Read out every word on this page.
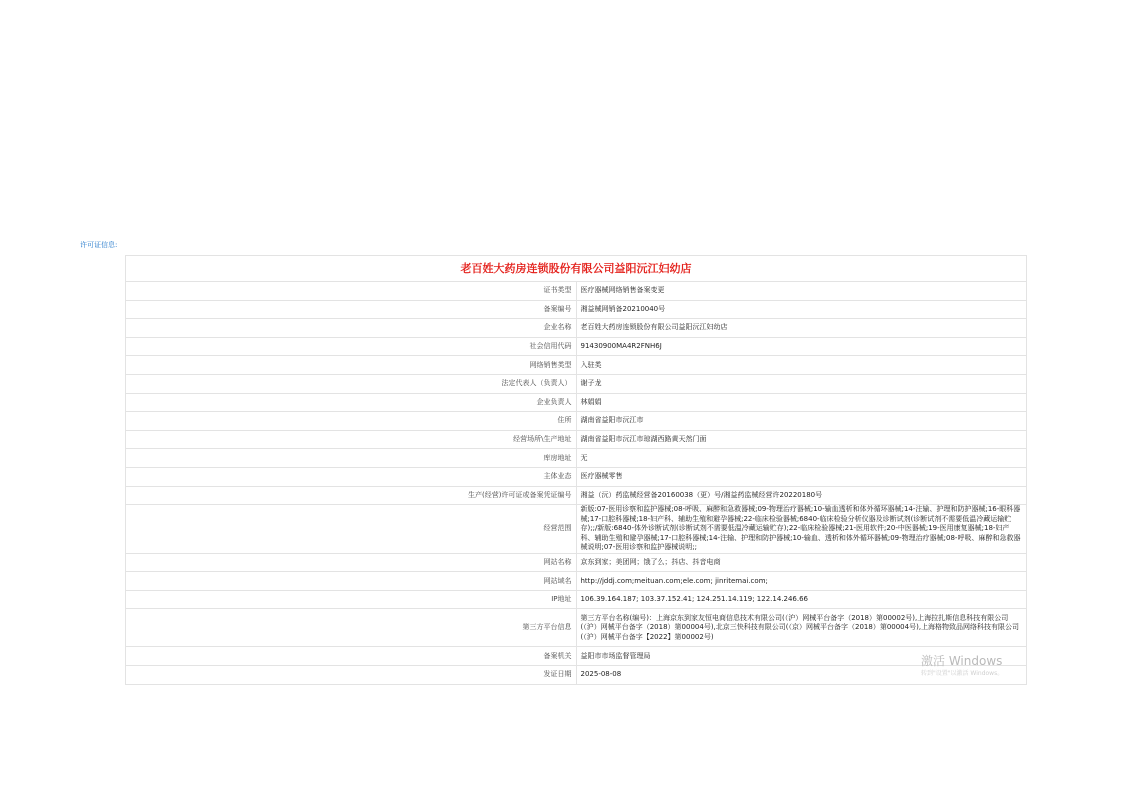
许可证信息:
老百姓大药房连锁股份有限公司益阳沅江妇幼店	
证书类型	医疗器械网络销售备案变更
备案编号	湘益械网销备20210040号
企业名称	老百姓大药房连锁股份有限公司益阳沅江妇幼店
社会信用代码	91430900MA4R2FNH6J
网络销售类型	入驻类
法定代表人（负责人）	谢子龙
企业负责人	林娟娟
住所	湖南省益阳市沅江市
经营场所\生产地址	湖南省益阳市沅江市琼湖西路黄天然门面
库房地址	无
主体业态	医疗器械零售
生产(经营)许可证或备案凭证编号	湘益（沅）药监械经营备20160038（更）号/湘益药监械经营许20220180号
经营范围	新版:07-医用诊察和监护器械;08-呼吸、麻醉和急救器械;09-物理治疗器械;10-输血透析和体外循环器械;14-注输、护理和防护器械;16-眼科器械;17-口腔科器械;18-妇产科、辅助生殖和避孕器械;22-临床检验器械;6840-临床检验分析仪器及诊断试剂(诊断试剂不需要低温冷藏运输贮存);;/新版:6840-体外诊断试剂(诊断试剂不需要低温冷藏运输贮存);22-临床检验器械;21-医用软件;20-中医器械;19-医用康复器械;18-妇产科、辅助生殖和避孕器械;17-口腔科器械;14-注输、护理和防护器械;10-输血、透析和体外循环器械;09-物理治疗器械;08-呼吸、麻醉和急救器械说明;07-医用诊察和监护器械说明;;
网站名称	京东到家；美团网；饿了么；抖店、抖音电商
网站域名	http://jddj.com;meituan.com;ele.com; jinritemai.com;
IP地址	106.39.164.187; 103.37.152.41; 124.251.14.119; 122.14.246.66
第三方平台信息	第三方平台名称(编号)：上海京东到家友恒电商信息技术有限公司(（沪）网械平台备字（2018）第00002号),上海拉扎斯信息科技有限公司(（沪）网械平台备字（2018）第00004号),北京三快科技有限公司(（京）网械平台备字（2018）第00004号),上海格物致品网络科技有限公司(（沪）网械平台备字【2022】第00002号)
备案机关	益阳市市场监督管理局
发证日期	2025-08-08
激活 Windows
转到"设置"以激活 Windows。
